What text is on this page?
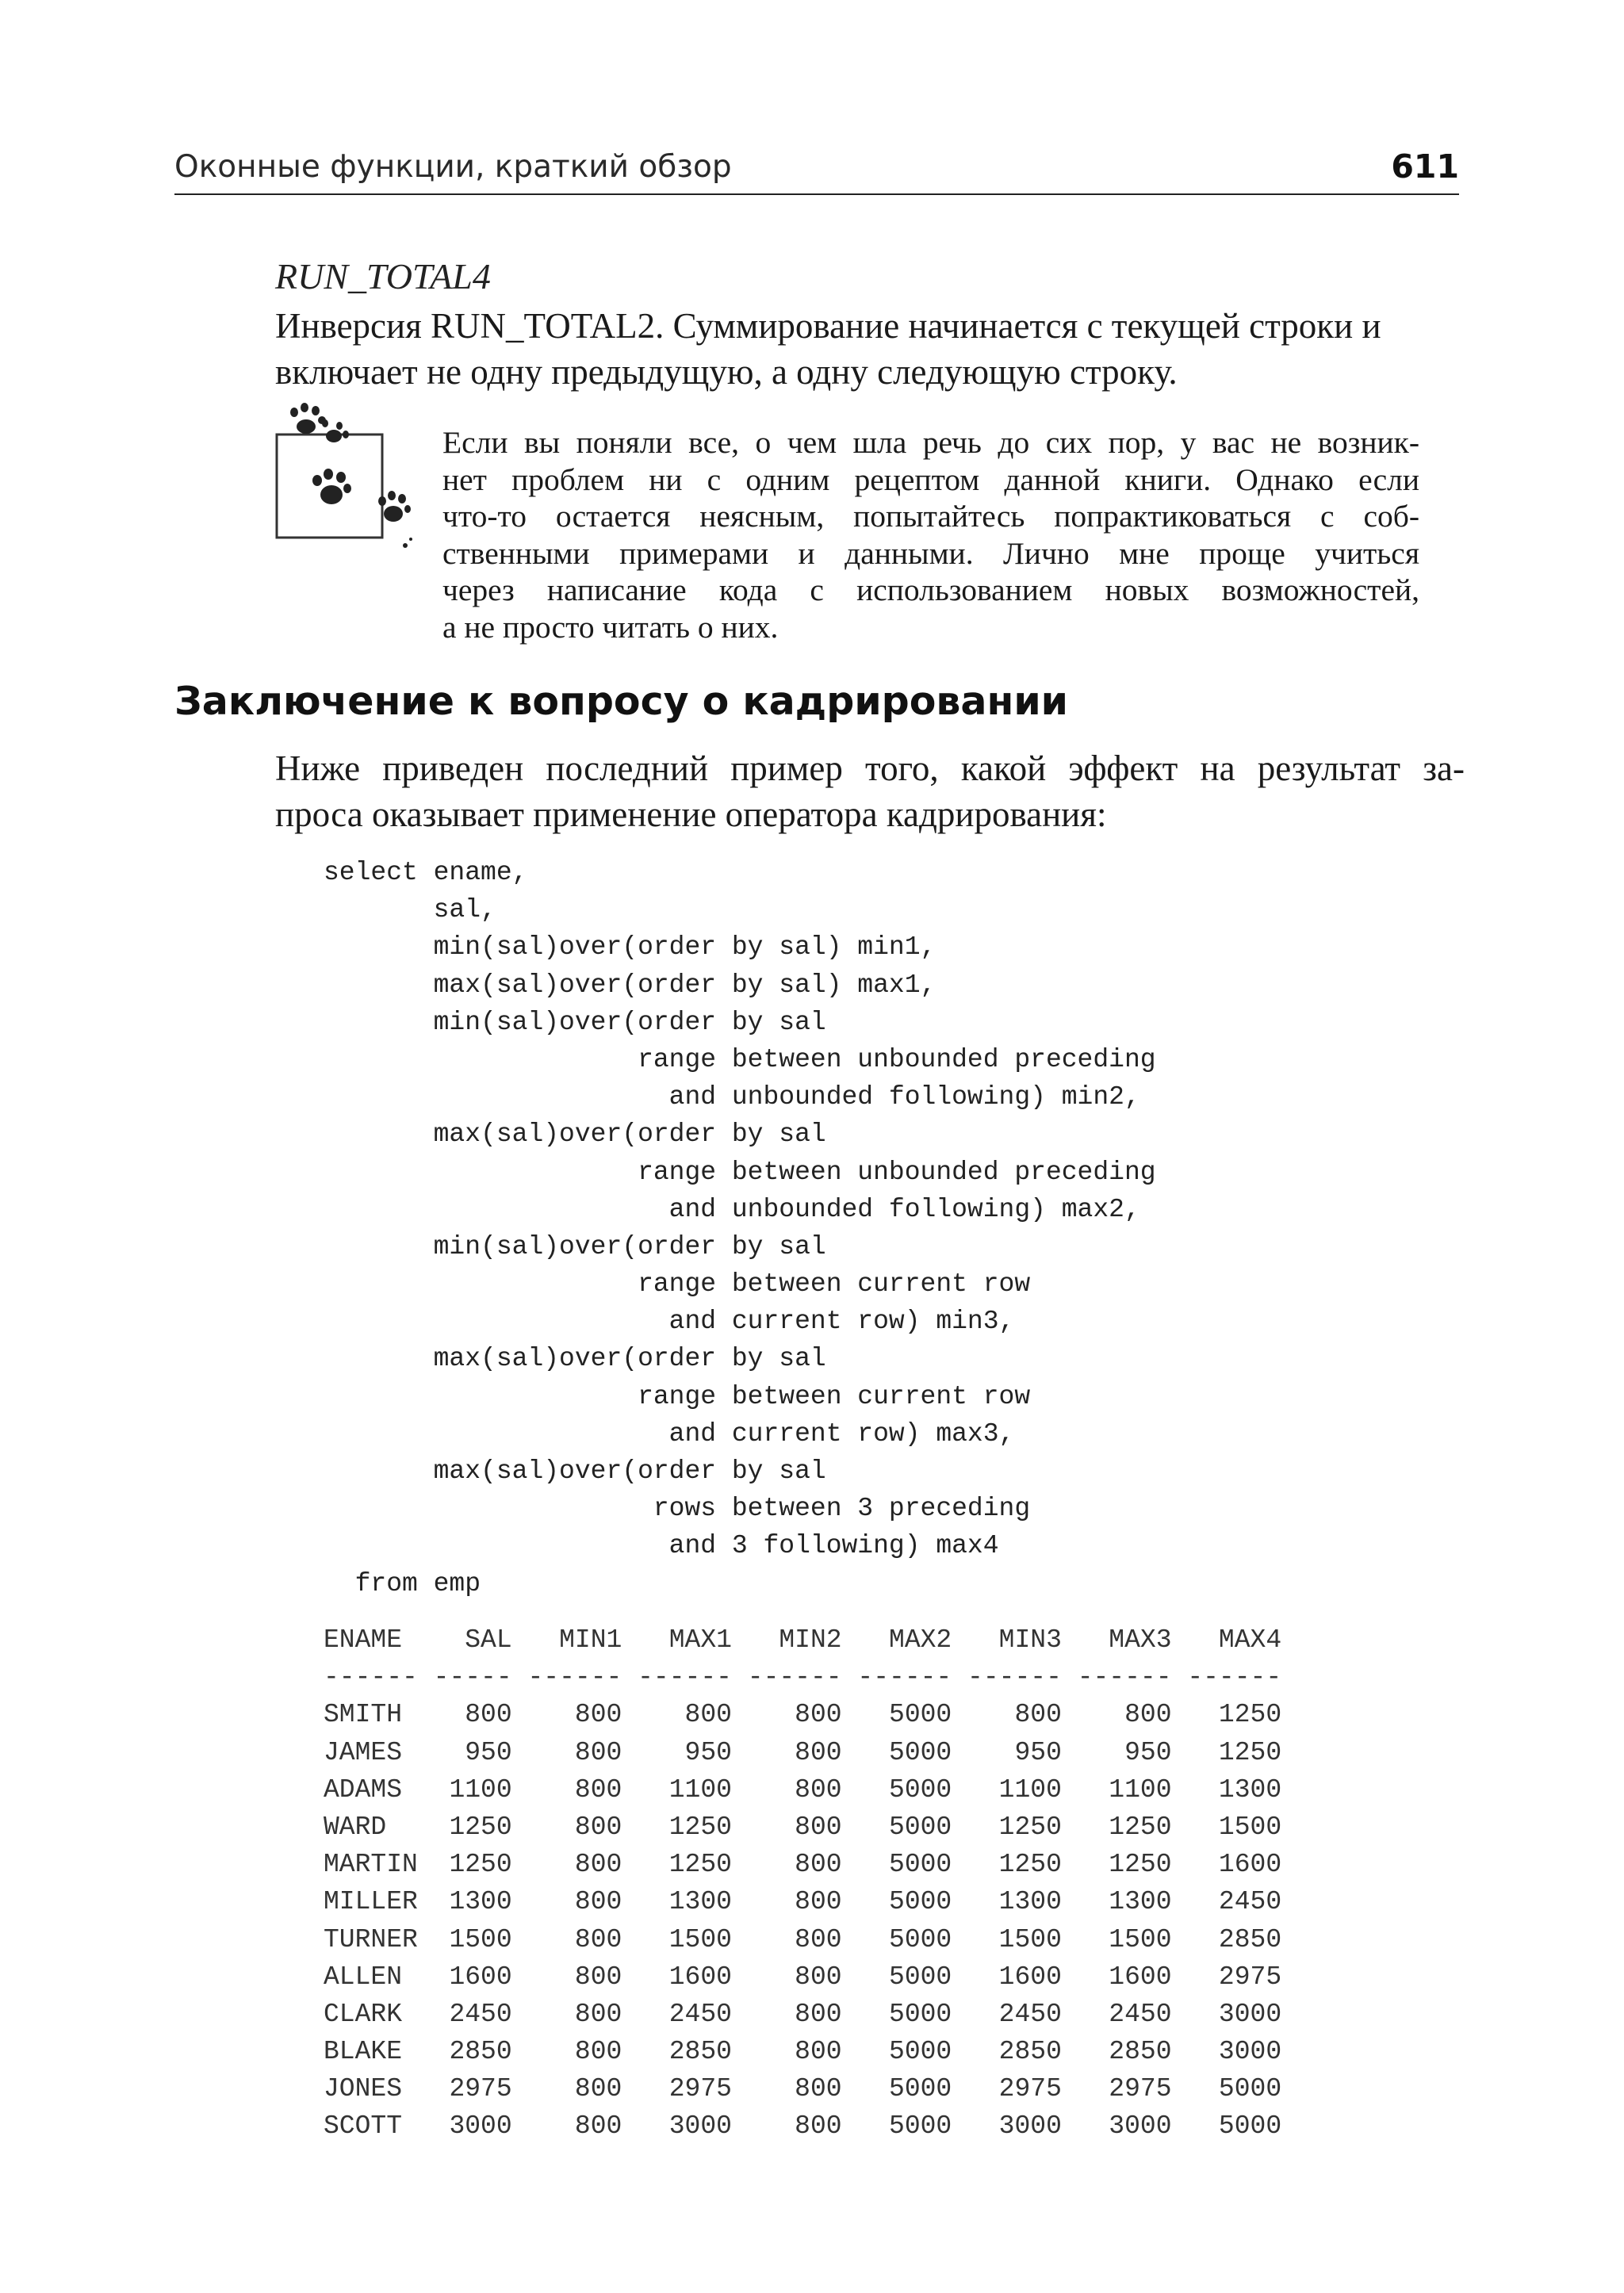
Оконные функции, краткий обзор	611
RUN_TOTAL4
Инверсия RUN_TOTAL2. Суммирование начинается с текущей строки и включает не одну предыдущую, а одну следующую строку.
Если вы поняли все, о чем шла речь до сих пор, у вас не возник-
нет проблем ни с одним рецептом данной книги. Однако если
что-то остается неясным, попытайтесь попрактиковаться с соб-
ственными примерами и данными. Лично мне проще учиться
через написание кода с использованием новых возможностей,
а не просто читать о них.
Заключение к вопросу о кадрировании
Ниже приведен последний пример того, какой эффект на результат за-
проса оказывает применение оператора кадрирования:
select ename,
sal,
min(sal)over(order by sal) min1,
max(sal)over(order by sal) max1,
min(sal)over(order by sal
range between unbounded preceding
and unbounded following) min2,
max(sal)over(order by sal
range between unbounded preceding
and unbounded following) max2,
min(sal)over(order by sal
range between current row
and current row) min3,
max(sal)over(order by sal
range between current row
and current row) max3,
max(sal)over(order by sal
rows between 3 preceding
and 3 following) max4
from emp
ENAME    SAL   MIN1   MAX1   MIN2   MAX2   MIN3   MAX3   MAX4
------ ----- ------ ------ ------ ------ ------ ------ ------
SMITH    800    800    800    800   5000    800    800   1250
JAMES    950    800    950    800   5000    950    950   1250
ADAMS   1100    800   1100    800   5000   1100   1100   1300
WARD    1250    800   1250    800   5000   1250   1250   1500
MARTIN  1250    800   1250    800   5000   1250   1250   1600
MILLER  1300    800   1300    800   5000   1300   1300   2450
TURNER  1500    800   1500    800   5000   1500   1500   2850
ALLEN   1600    800   1600    800   5000   1600   1600   2975
CLARK   2450    800   2450    800   5000   2450   2450   3000
BLAKE   2850    800   2850    800   5000   2850   2850   3000
JONES   2975    800   2975    800   5000   2975   2975   5000
SCOTT   3000    800   3000    800   5000   3000   3000   5000
